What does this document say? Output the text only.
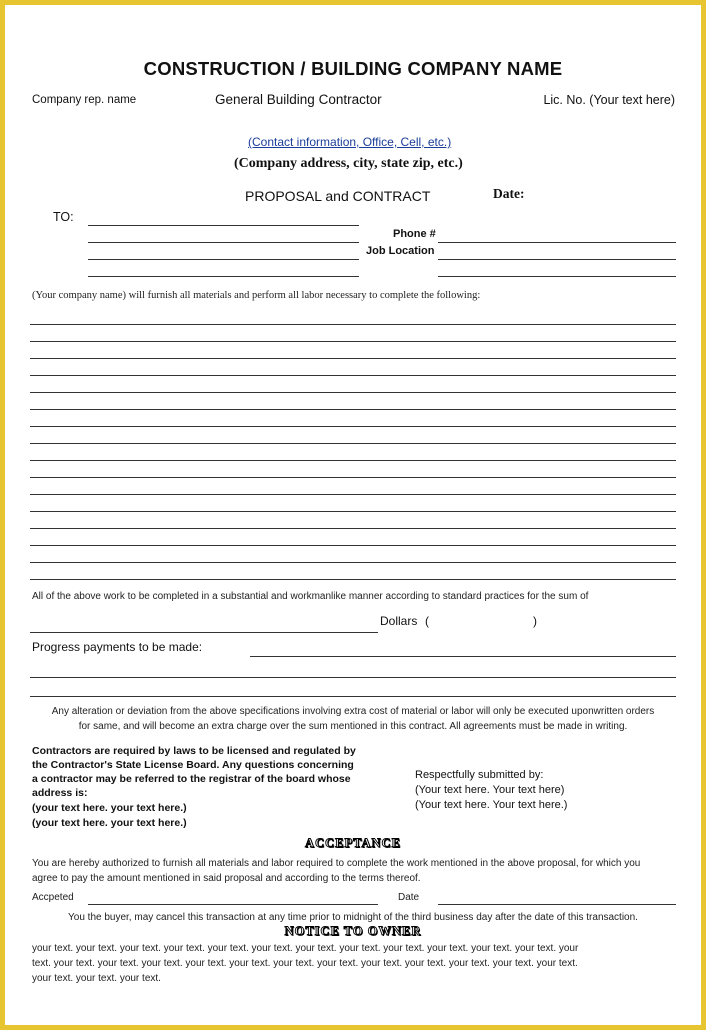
CONSTRUCTION / BUILDING COMPANY NAME
Company rep. name	General Building Contractor	Lic. No. (Your text here)
(Contact information, Office, Cell, etc.)
(Company address, city, state zip, etc.)
PROPOSAL and CONTRACT	Date:
TO:
Phone #
Job Location
(Your company name) will furnish all materials and perform all labor necessary to complete the following:
All of the above work to be completed in a substantial and workmanlike manner according to standard practices for the sum of
Dollars (	)
Progress payments to be made:
Any alteration or deviation from the above specifications involving extra cost of material or labor will only be executed uponwritten orders
for same, and will become an extra charge over the sum mentioned in this contract. All agreements must be made in writing.
Contractors are required by laws to be licensed and regulated by
the Contractor's State License Board. Any questions concerning
a contractor may be referred to the registrar of the board whose
address is:
(your text here. your text here.)
(your text here. your text here.)
Respectfully submitted by:
(Your text here. Your text here)
(Your text here. Your text here.)
ACCEPTANCE
You are hereby authorized to furnish all materials and labor required to complete the work mentioned in the above proposal, for which you
agree to pay the amount mentioned in said proposal and according to the terms thereof.
Accpeted	Date
You the buyer, may cancel this transaction at any time prior to midnight of the third business day after the date of this transaction.
NOTICE TO OWNER
your text. your text. your text. your text. your text. your text. your text. your text. your text. your text. your text. your text. your
text. your text. your text. your text. your text. your text. your text. your text. your text. your text. your text. your text. your text.
your text. your text. your text.
